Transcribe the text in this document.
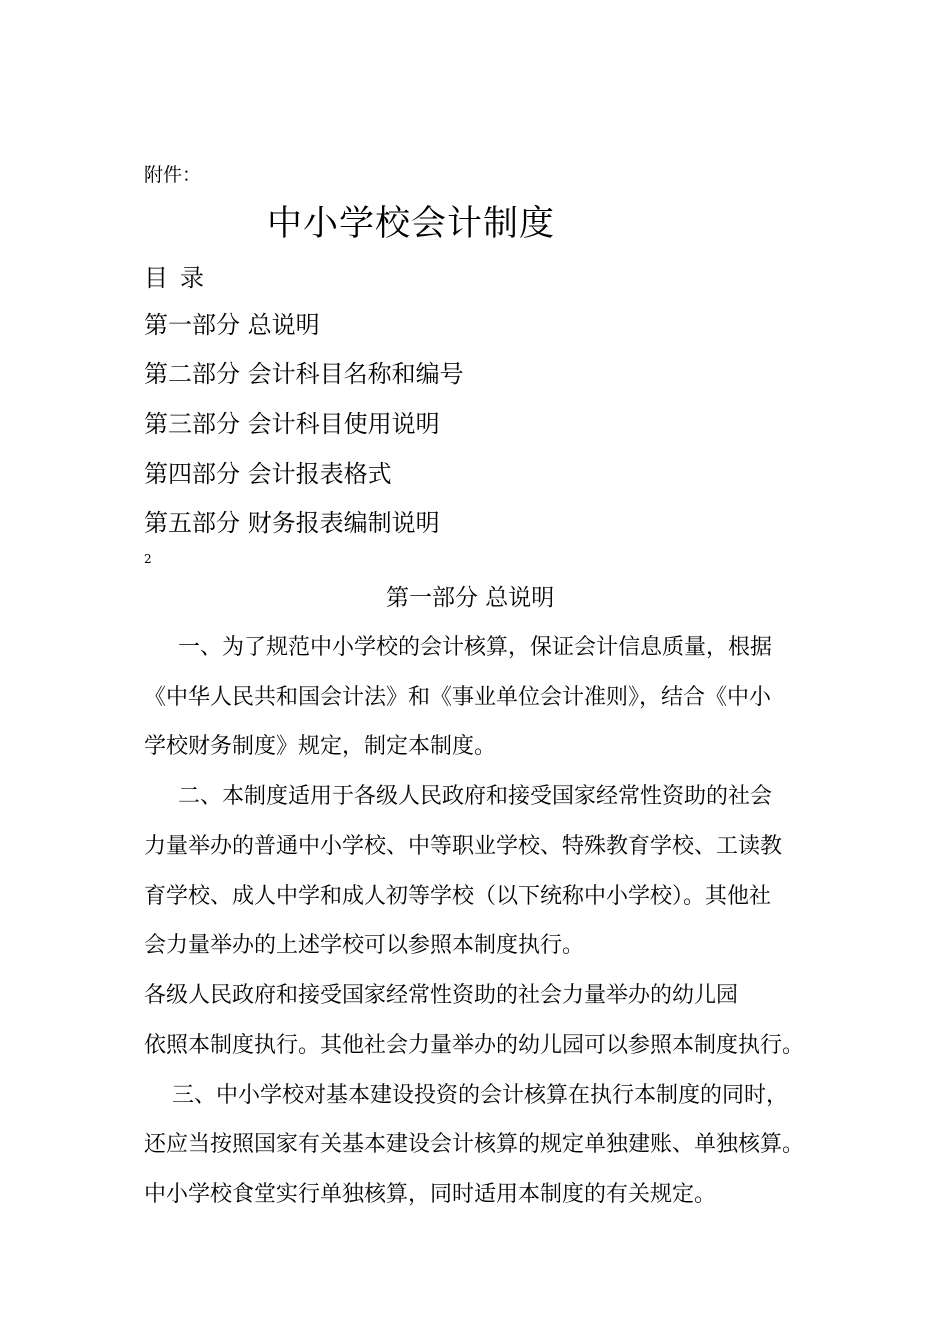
附件：
中小学校会计制度
目录
第一部分 总说明
第二部分 会计科目名称和编号
第三部分 会计科目使用说明
第四部分 会计报表格式
第五部分 财务报表编制说明
2
第一部分 总说明
一、为了规范中小学校的会计核算，保证会计信息质量，根据
《中华人民共和国会计法》和《事业单位会计准则》，结合《中小
学校财务制度》规定，制定本制度。
二、本制度适用于各级人民政府和接受国家经常性资助的社会
力量举办的普通中小学校、中等职业学校、特殊教育学校、工读教
育学校、成人中学和成人初等学校（以下统称中小学校）。其他社
会力量举办的上述学校可以参照本制度执行。
各级人民政府和接受国家经常性资助的社会力量举办的幼儿园
依照本制度执行。其他社会力量举办的幼儿园可以参照本制度执行。
三、中小学校对基本建设投资的会计核算在执行本制度的同时，
还应当按照国家有关基本建设会计核算的规定单独建账、单独核算。
中小学校食堂实行单独核算，同时适用本制度的有关规定。
